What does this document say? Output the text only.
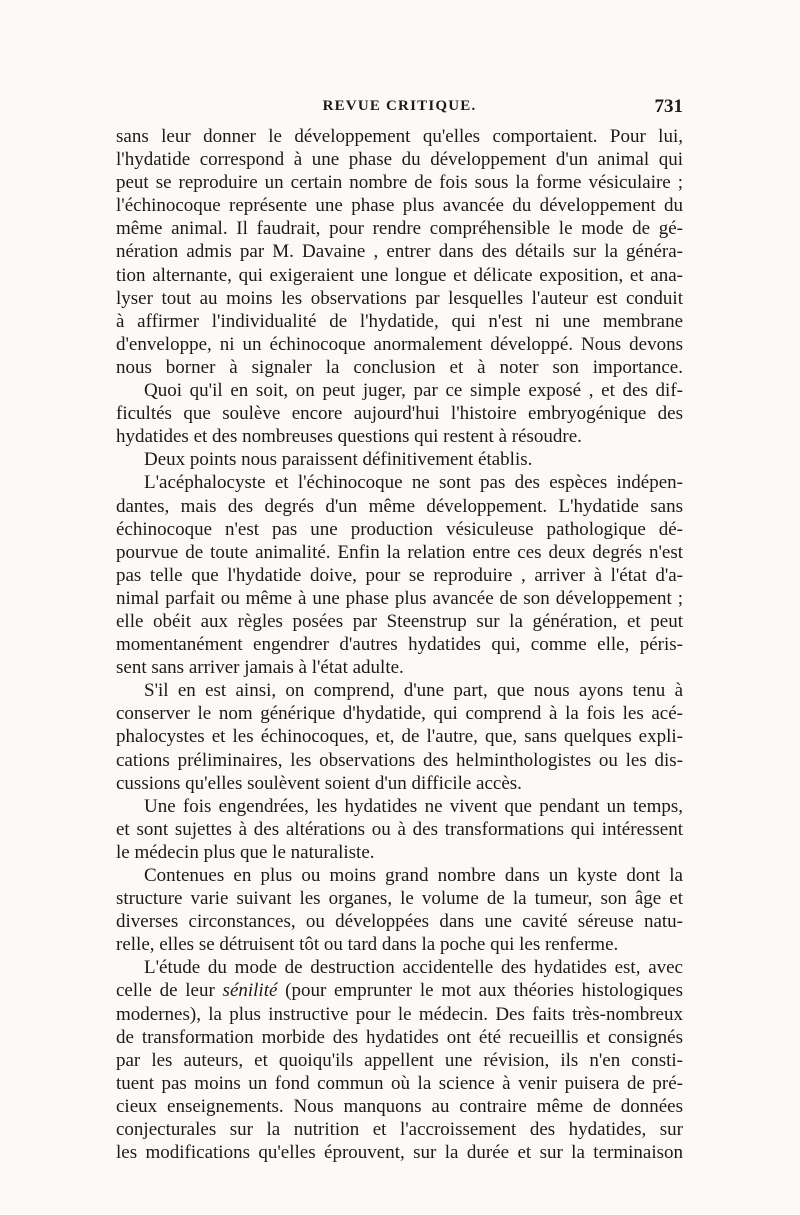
REVUE CRITIQUE.	731
sans leur donner le développement qu'elles comportaient. Pour lui,
l'hydatide correspond à une phase du développement d'un animal qui
peut se reproduire un certain nombre de fois sous la forme vésiculaire ;
l'échinocoque représente une phase plus avancée du développement du
même animal. Il faudrait, pour rendre compréhensible le mode de gé-
nération admis par M. Davaine , entrer dans des détails sur la généra-
tion alternante, qui exigeraient une longue et délicate exposition, et ana-
lyser tout au moins les observations par lesquelles l'auteur est conduit
à affirmer l'individualité de l'hydatide, qui n'est ni une membrane
d'enveloppe, ni un échinocoque anormalement développé. Nous devons
nous borner à signaler la conclusion et à noter son importance.
Quoi qu'il en soit, on peut juger, par ce simple exposé , et des dif-
ficultés que soulève encore aujourd'hui l'histoire embryogénique des
hydatides et des nombreuses questions qui restent à résoudre.
Deux points nous paraissent définitivement établis.
L'acéphalocyste et l'échinocoque ne sont pas des espèces indépen-
dantes, mais des degrés d'un même développement. L'hydatide sans
échinocoque n'est pas une production vésiculeuse pathologique dé-
pourvue de toute animalité. Enfin la relation entre ces deux degrés n'est
pas telle que l'hydatide doive, pour se reproduire , arriver à l'état d'a-
nimal parfait ou même à une phase plus avancée de son développement ;
elle obéit aux règles posées par Steenstrup sur la génération, et peut
momentanément engendrer d'autres hydatides qui, comme elle, péris-
sent sans arriver jamais à l'état adulte.
S'il en est ainsi, on comprend, d'une part, que nous ayons tenu à
conserver le nom générique d'hydatide, qui comprend à la fois les acé-
phalocystes et les échinocoques, et, de l'autre, que, sans quelques expli-
cations préliminaires, les observations des helminthologistes ou les dis-
cussions qu'elles soulèvent soient d'un difficile accès.
Une fois engendrées, les hydatides ne vivent que pendant un temps,
et sont sujettes à des altérations ou à des transformations qui intéressent
le médecin plus que le naturaliste.
Contenues en plus ou moins grand nombre dans un kyste dont la
structure varie suivant les organes, le volume de la tumeur, son âge et
diverses circonstances, ou développées dans une cavité séreuse natu-
relle, elles se détruisent tôt ou tard dans la poche qui les renferme.
L'étude du mode de destruction accidentelle des hydatides est, avec
celle de leur sénilité (pour emprunter le mot aux théories histologiques
modernes), la plus instructive pour le médecin. Des faits très-nombreux
de transformation morbide des hydatides ont été recueillis et consignés
par les auteurs, et quoiqu'ils appellent une révision, ils n'en consti-
tuent pas moins un fond commun où la science à venir puisera de pré-
cieux enseignements. Nous manquons au contraire même de données
conjecturales sur la nutrition et l'accroissement des hydatides, sur
les modifications qu'elles éprouvent, sur la durée et sur la terminaison
